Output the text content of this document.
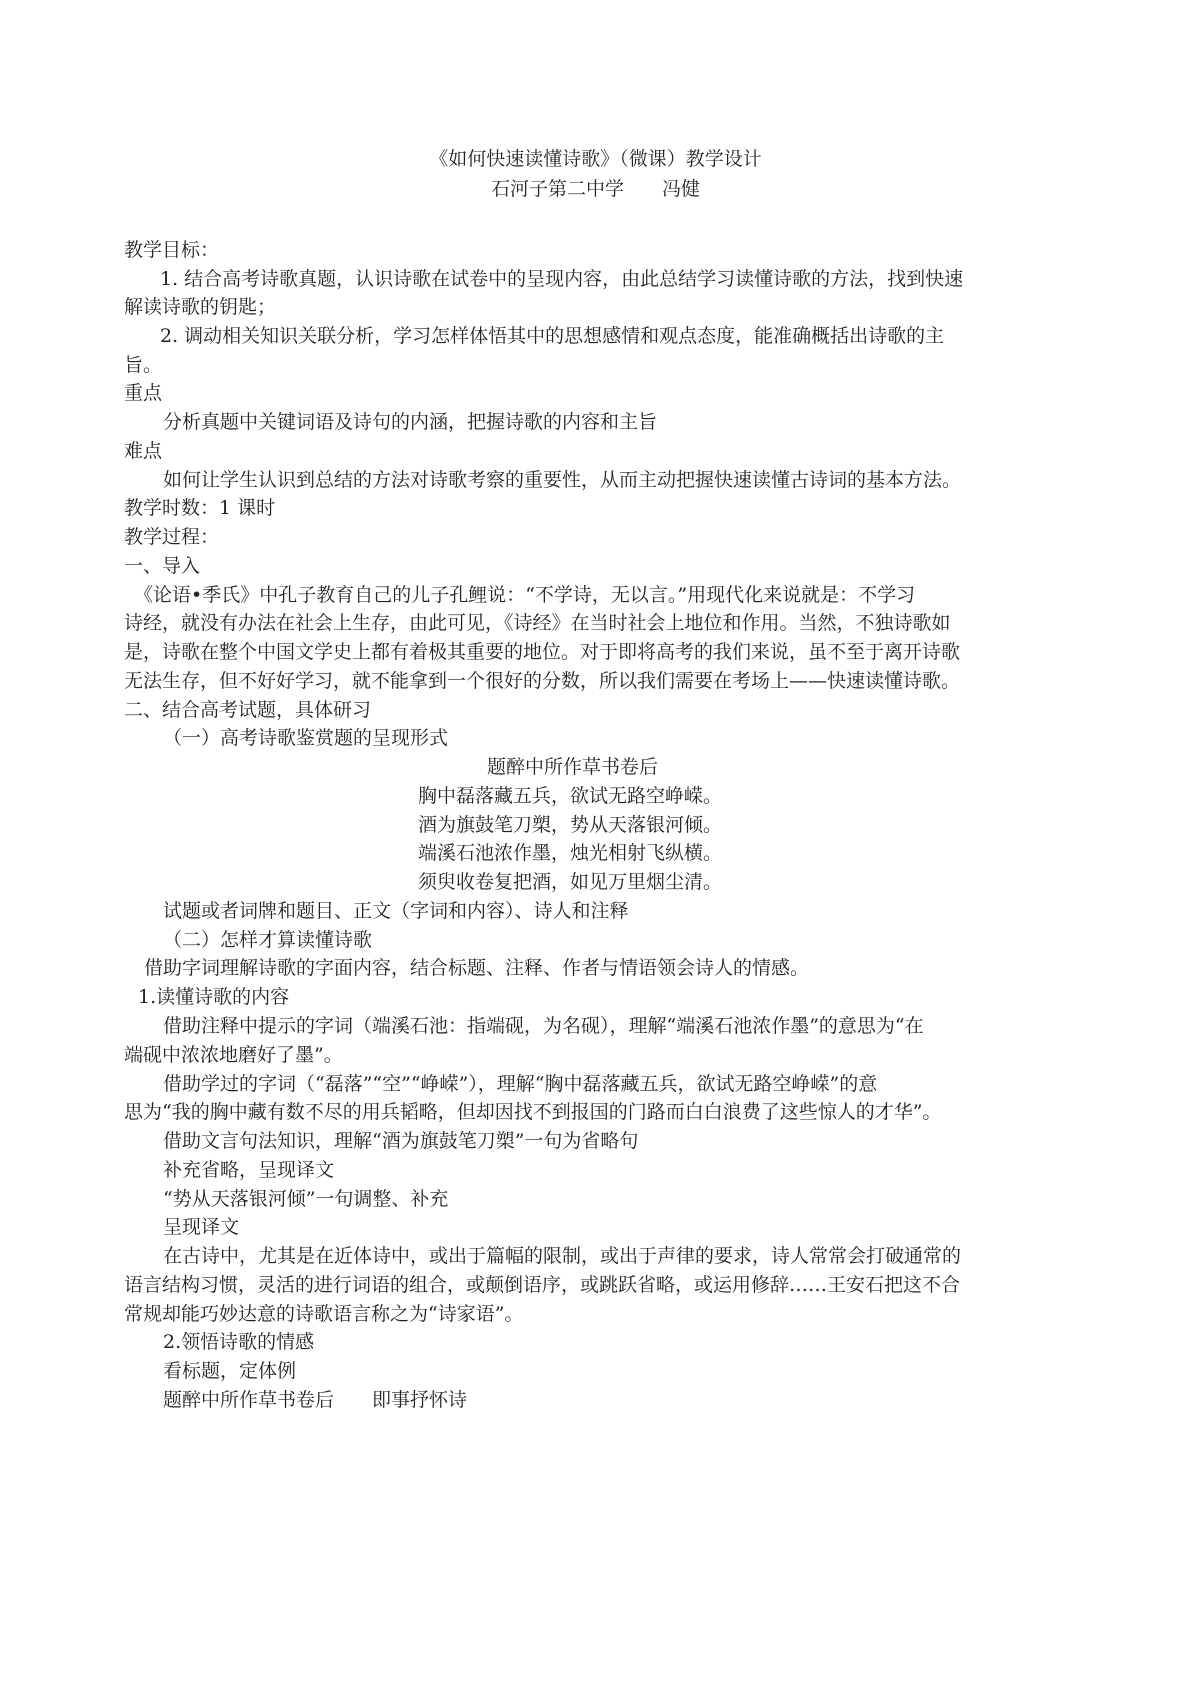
《如何快速读懂诗歌》（微课）教学设计
石河子第二中学　　冯健
教学目标：
1. 结合高考诗歌真题，认识诗歌在试卷中的呈现内容，由此总结学习读懂诗歌的方法，找到快速
解读诗歌的钥匙；
2. 调动相关知识关联分析，学习怎样体悟其中的思想感情和观点态度，能准确概括出诗歌的主
旨。
重点
分析真题中关键词语及诗句的内涵，把握诗歌的内容和主旨
难点
如何让学生认识到总结的方法对诗歌考察的重要性，从而主动把握快速读懂古诗词的基本方法。
教学时数：1 课时
教学过程：
一、导入
《论语•季氏》中孔子教育自己的儿子孔鲤说：“不学诗，无以言。”用现代化来说就是：不学习
诗经，就没有办法在社会上生存，由此可见，《诗经》在当时社会上地位和作用。当然，不独诗歌如
是，诗歌在整个中国文学史上都有着极其重要的地位。对于即将高考的我们来说，虽不至于离开诗歌
无法生存，但不好好学习，就不能拿到一个很好的分数，所以我们需要在考场上——快速读懂诗歌。
二、结合高考试题，具体研习
（一）高考诗歌鉴赏题的呈现形式
题醉中所作草书卷后
胸中磊落藏五兵，欲试无路空峥嵘。
酒为旗鼓笔刀槊，势从天落银河倾。
端溪石池浓作墨，烛光相射飞纵横。
须臾收卷复把酒，如见万里烟尘清。
试题或者词牌和题目、正文（字词和内容）、诗人和注释
（二）怎样才算读懂诗歌
借助字词理解诗歌的字面内容，结合标题、注释、作者与情语领会诗人的情感。
1.读懂诗歌的内容
借助注释中提示的字词（端溪石池：指端砚，为名砚），理解“端溪石池浓作墨”的意思为“在
端砚中浓浓地磨好了墨”。
借助学过的字词（“磊落”“空”“峥嵘”），理解“胸中磊落藏五兵，欲试无路空峥嵘”的意
思为“我的胸中藏有数不尽的用兵韬略，但却因找不到报国的门路而白白浪费了这些惊人的才华”。
借助文言句法知识，理解“酒为旗鼓笔刀槊”一句为省略句
补充省略，呈现译文
“势从天落银河倾”一句调整、补充
呈现译文
在古诗中，尤其是在近体诗中，或出于篇幅的限制，或出于声律的要求，诗人常常会打破通常的
语言结构习惯，灵活的进行词语的组合，或颠倒语序，或跳跃省略，或运用修辞……王安石把这不合
常规却能巧妙达意的诗歌语言称之为“诗家语”。
2.领悟诗歌的情感
看标题，定体例
题醉中所作草书卷后　　即事抒怀诗
